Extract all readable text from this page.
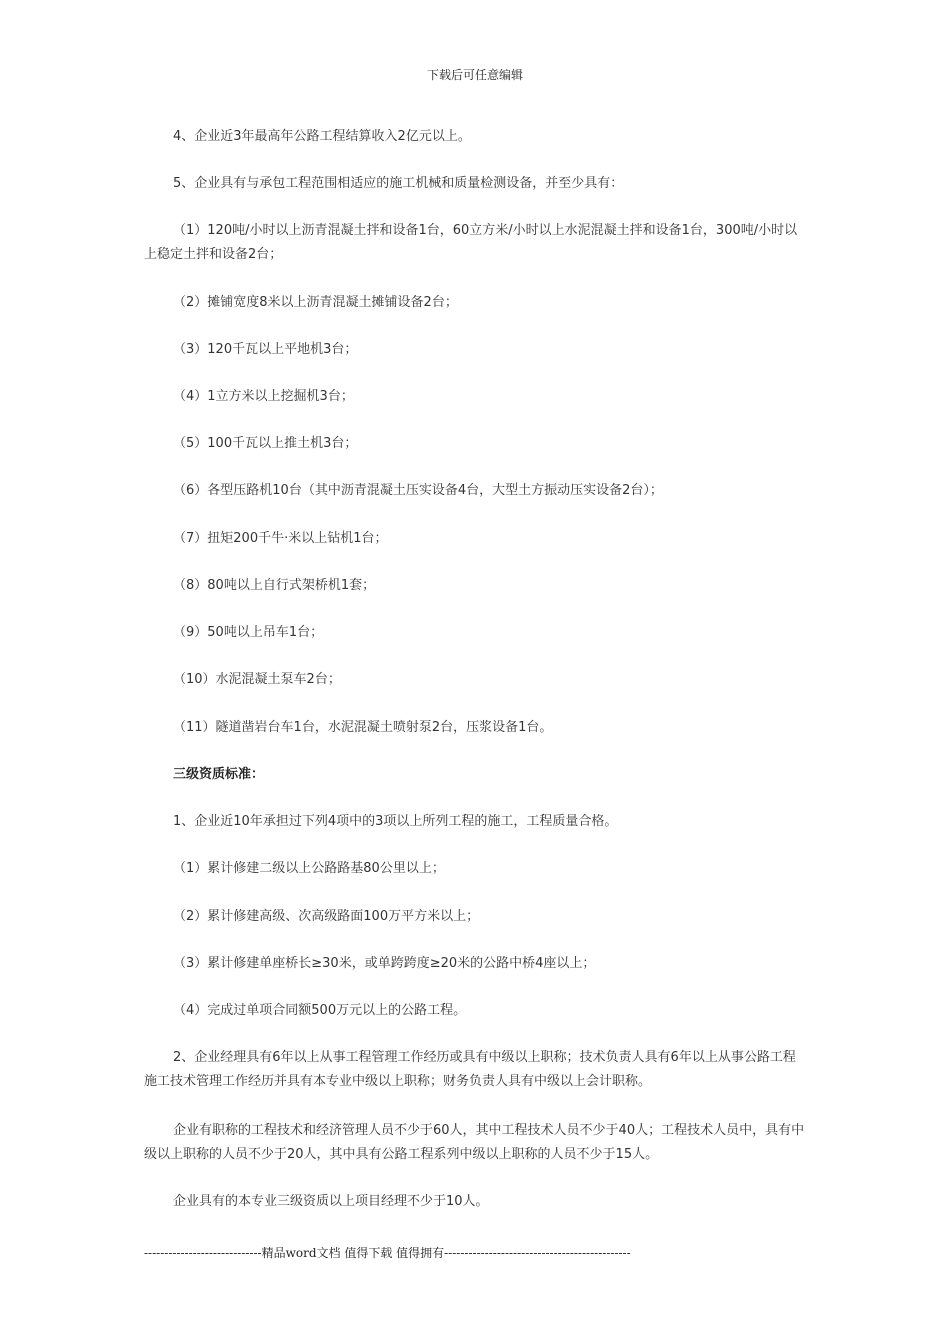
下载后可任意编辑
4、企业近3年最高年公路工程结算收入2亿元以上。
5、企业具有与承包工程范围相适应的施工机械和质量检测设备，并至少具有：
（1）120吨/小时以上沥青混凝土拌和设备1台，60立方米/小时以上水泥混凝土拌和设备1台，300吨/小时以上稳定土拌和设备2台；
（2）摊铺宽度8米以上沥青混凝土摊铺设备2台；
（3）120千瓦以上平地机3台；
（4）1立方米以上挖掘机3台；
（5）100千瓦以上推土机3台；
（6）各型压路机10台（其中沥青混凝土压实设备4台，大型土方振动压实设备2台）；
（7）扭矩200千牛·米以上钻机1台；
（8）80吨以上自行式架桥机1套；
（9）50吨以上吊车1台；
（10）水泥混凝土泵车2台；
（11）隧道凿岩台车1台，水泥混凝土喷射泵2台，压浆设备1台。
三级资质标准：
1、企业近10年承担过下列4项中的3项以上所列工程的施工，工程质量合格。
（1）累计修建二级以上公路路基80公里以上；
（2）累计修建高级、次高级路面100万平方米以上；
（3）累计修建单座桥长≥30米，或单跨跨度≥20米的公路中桥4座以上；
（4）完成过单项合同额500万元以上的公路工程。
2、企业经理具有6年以上从事工程管理工作经历或具有中级以上职称；技术负责人具有6年以上从事公路工程施工技术管理工作经历并具有本专业中级以上职称；财务负责人具有中级以上会计职称。
企业有职称的工程技术和经济管理人员不少于60人，其中工程技术人员不少于40人；工程技术人员中，具有中级以上职称的人员不少于20人，其中具有公路工程系列中级以上职称的人员不少于15人。
企业具有的本专业三级资质以上项目经理不少于10人。
-----------------------------精品word文档 值得下载 值得拥有----------------------------------------------
